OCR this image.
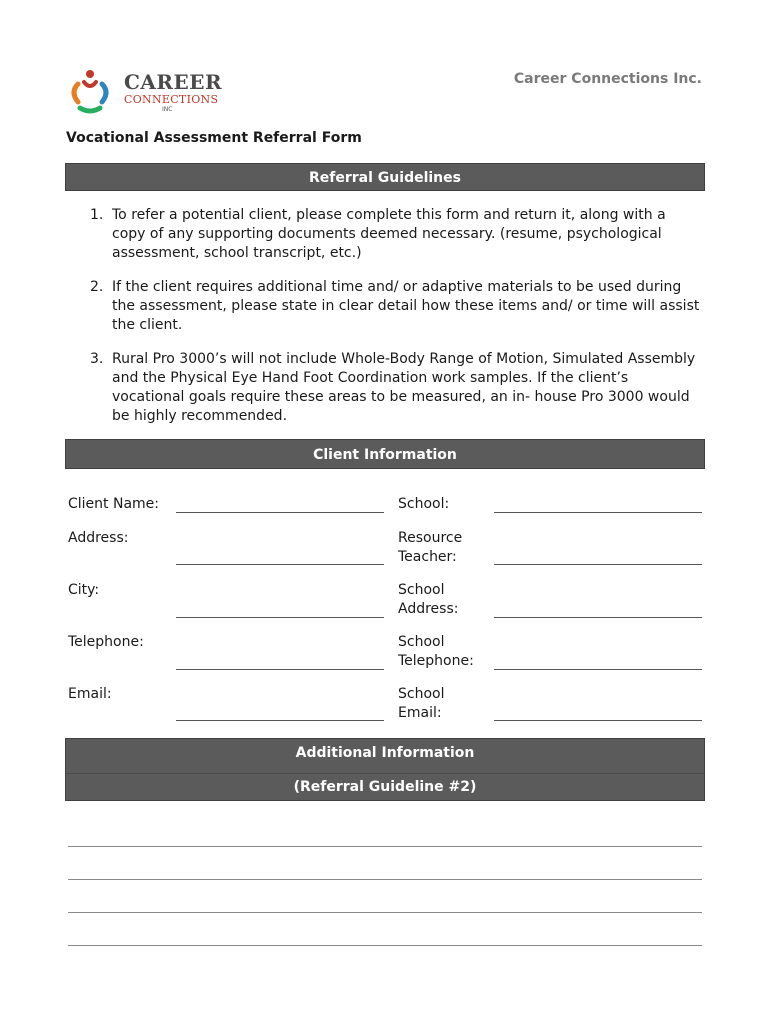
CAREER
CONNECTIONS
INC
Career Connections Inc.
Vocational Assessment Referral Form
Referral Guidelines
1. To refer a potential client, please complete this form and return it, along with a copy of any supporting documents deemed necessary. (resume, psychological assessment, school transcript, etc.)
2. If the client requires additional time and/ or adaptive materials to be used during the assessment, please state in clear detail how these items and/ or time will assist the client.
3. Rural Pro 3000’s will not include Whole-Body Range of Motion, Simulated Assembly and the Physical Eye Hand Foot Coordination work samples. If the client’s vocational goals require these areas to be measured, an in- house Pro 3000 would be highly recommended.
Client Information
Client Name:
Address:
City:
Telephone:
Email:
School:
Resource
Teacher:
School
Address:
School
Telephone:
School
Email:
Additional Information
(Referral Guideline #2)
